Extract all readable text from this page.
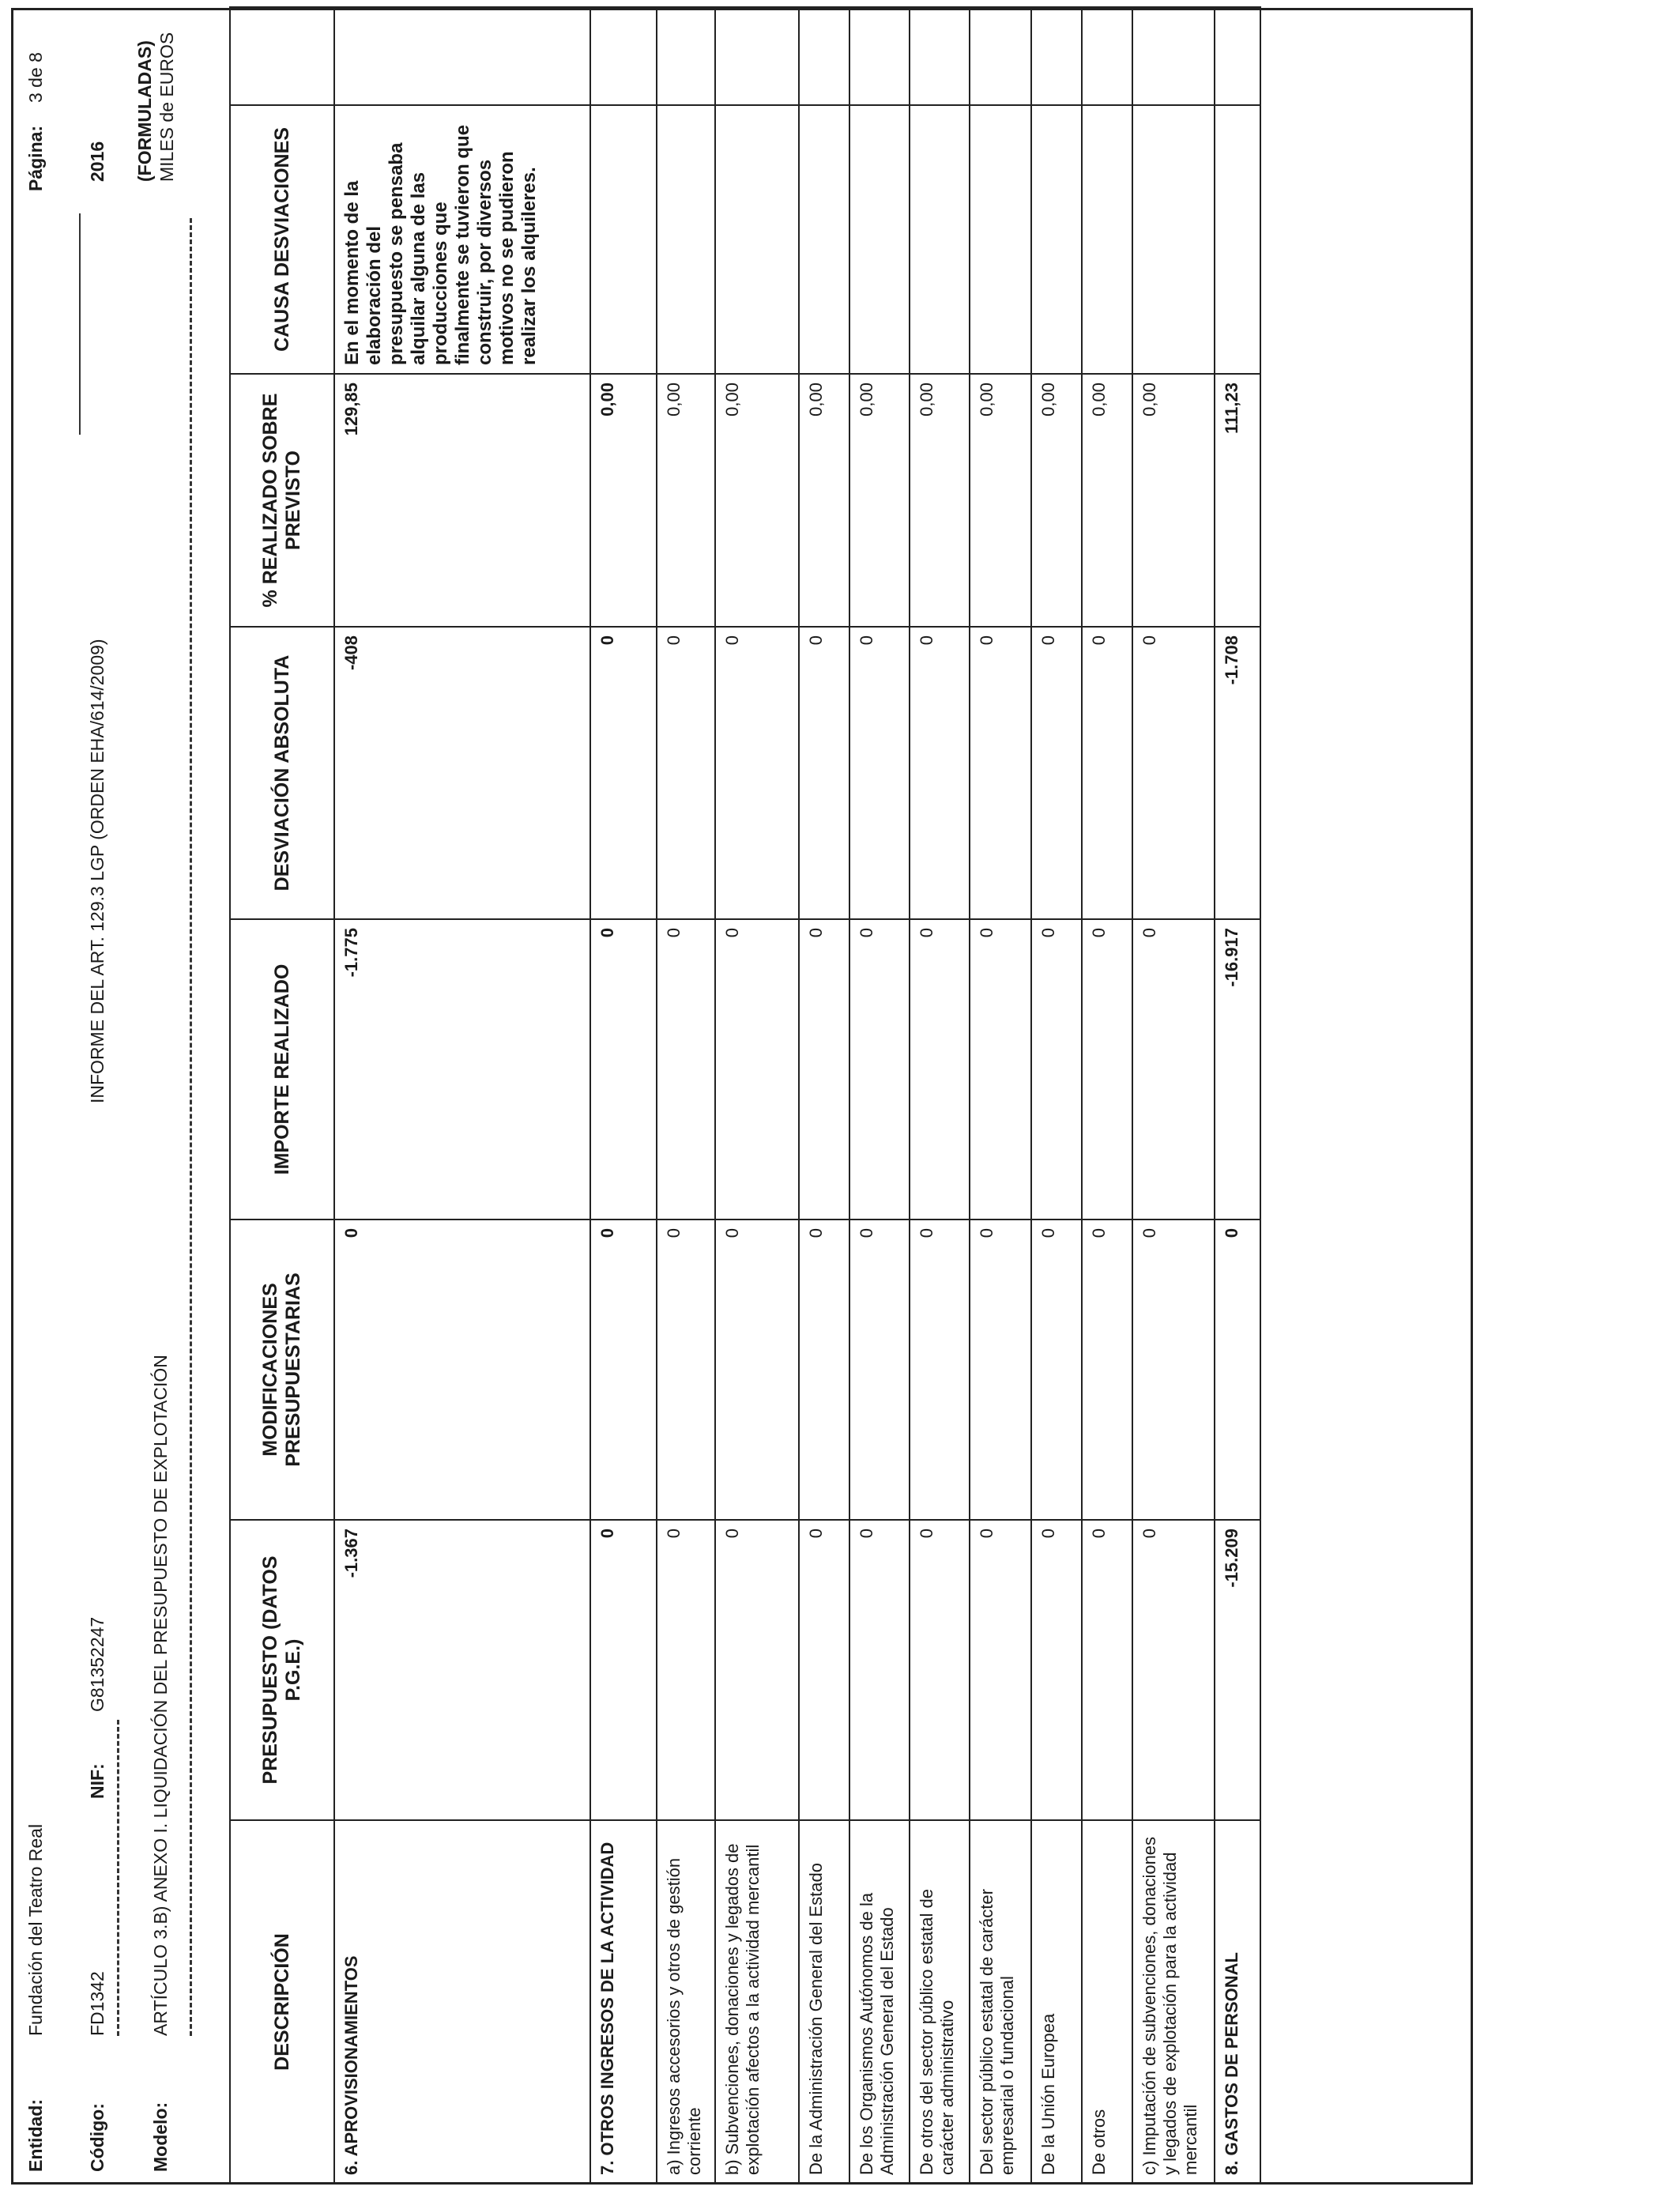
Entidad:
Fundación del Teatro Real
Página:
3 de 8
Código:
FD1342
NIF:
G81352247
INFORME DEL ART. 129.3 LGP (ORDEN EHA/614/2009)
2016
Modelo:
ARTÍCULO 3.B) ANEXO I. LIQUIDACIÓN DEL PRESUPUESTO DE EXPLOTACIÓN
(FORMULADAS) MILES de EUROS
DESCRIPCIÓN	PRESUPUESTO (DATOS P.G.E.)	MODIFICACIONES PRESUPUESTARIAS	IMPORTE REALIZADO	DESVIACIÓN ABSOLUTA	% REALIZADO SOBRE PREVISTO	CAUSA DESVIACIONES	
6. APROVISIONAMIENTOS	-1.367	0	-1.775	-408	129,85	En el momento de la elaboración del presupuesto se pensaba alquilar alguna de las producciones que finalmente se tuvieron que construir, por diversos motivos no se pudieron realizar los alquileres.	
7. OTROS INGRESOS DE LA ACTIVIDAD	0	0	0	0	0,00		
a) Ingresos accesorios y otros de gestión corriente	0	0	0	0	0,00		
b) Subvenciones, donaciones y legados de explotación afectos a la actividad mercantil	0	0	0	0	0,00		
De la Administración General del Estado	0	0	0	0	0,00		
De los Organismos Autónomos de la Administración General del Estado	0	0	0	0	0,00		
De otros del sector público estatal de carácter administrativo	0	0	0	0	0,00		
Del sector público estatal de carácter empresarial o fundacional	0	0	0	0	0,00		
De la Unión Europea	0	0	0	0	0,00		
De otros	0	0	0	0	0,00		
c) Imputación de subvenciones, donaciones y legados de explotación para la actividad mercantil	0	0	0	0	0,00		
8. GASTOS DE PERSONAL	-15.209	0	-16.917	-1.708	111,23		
